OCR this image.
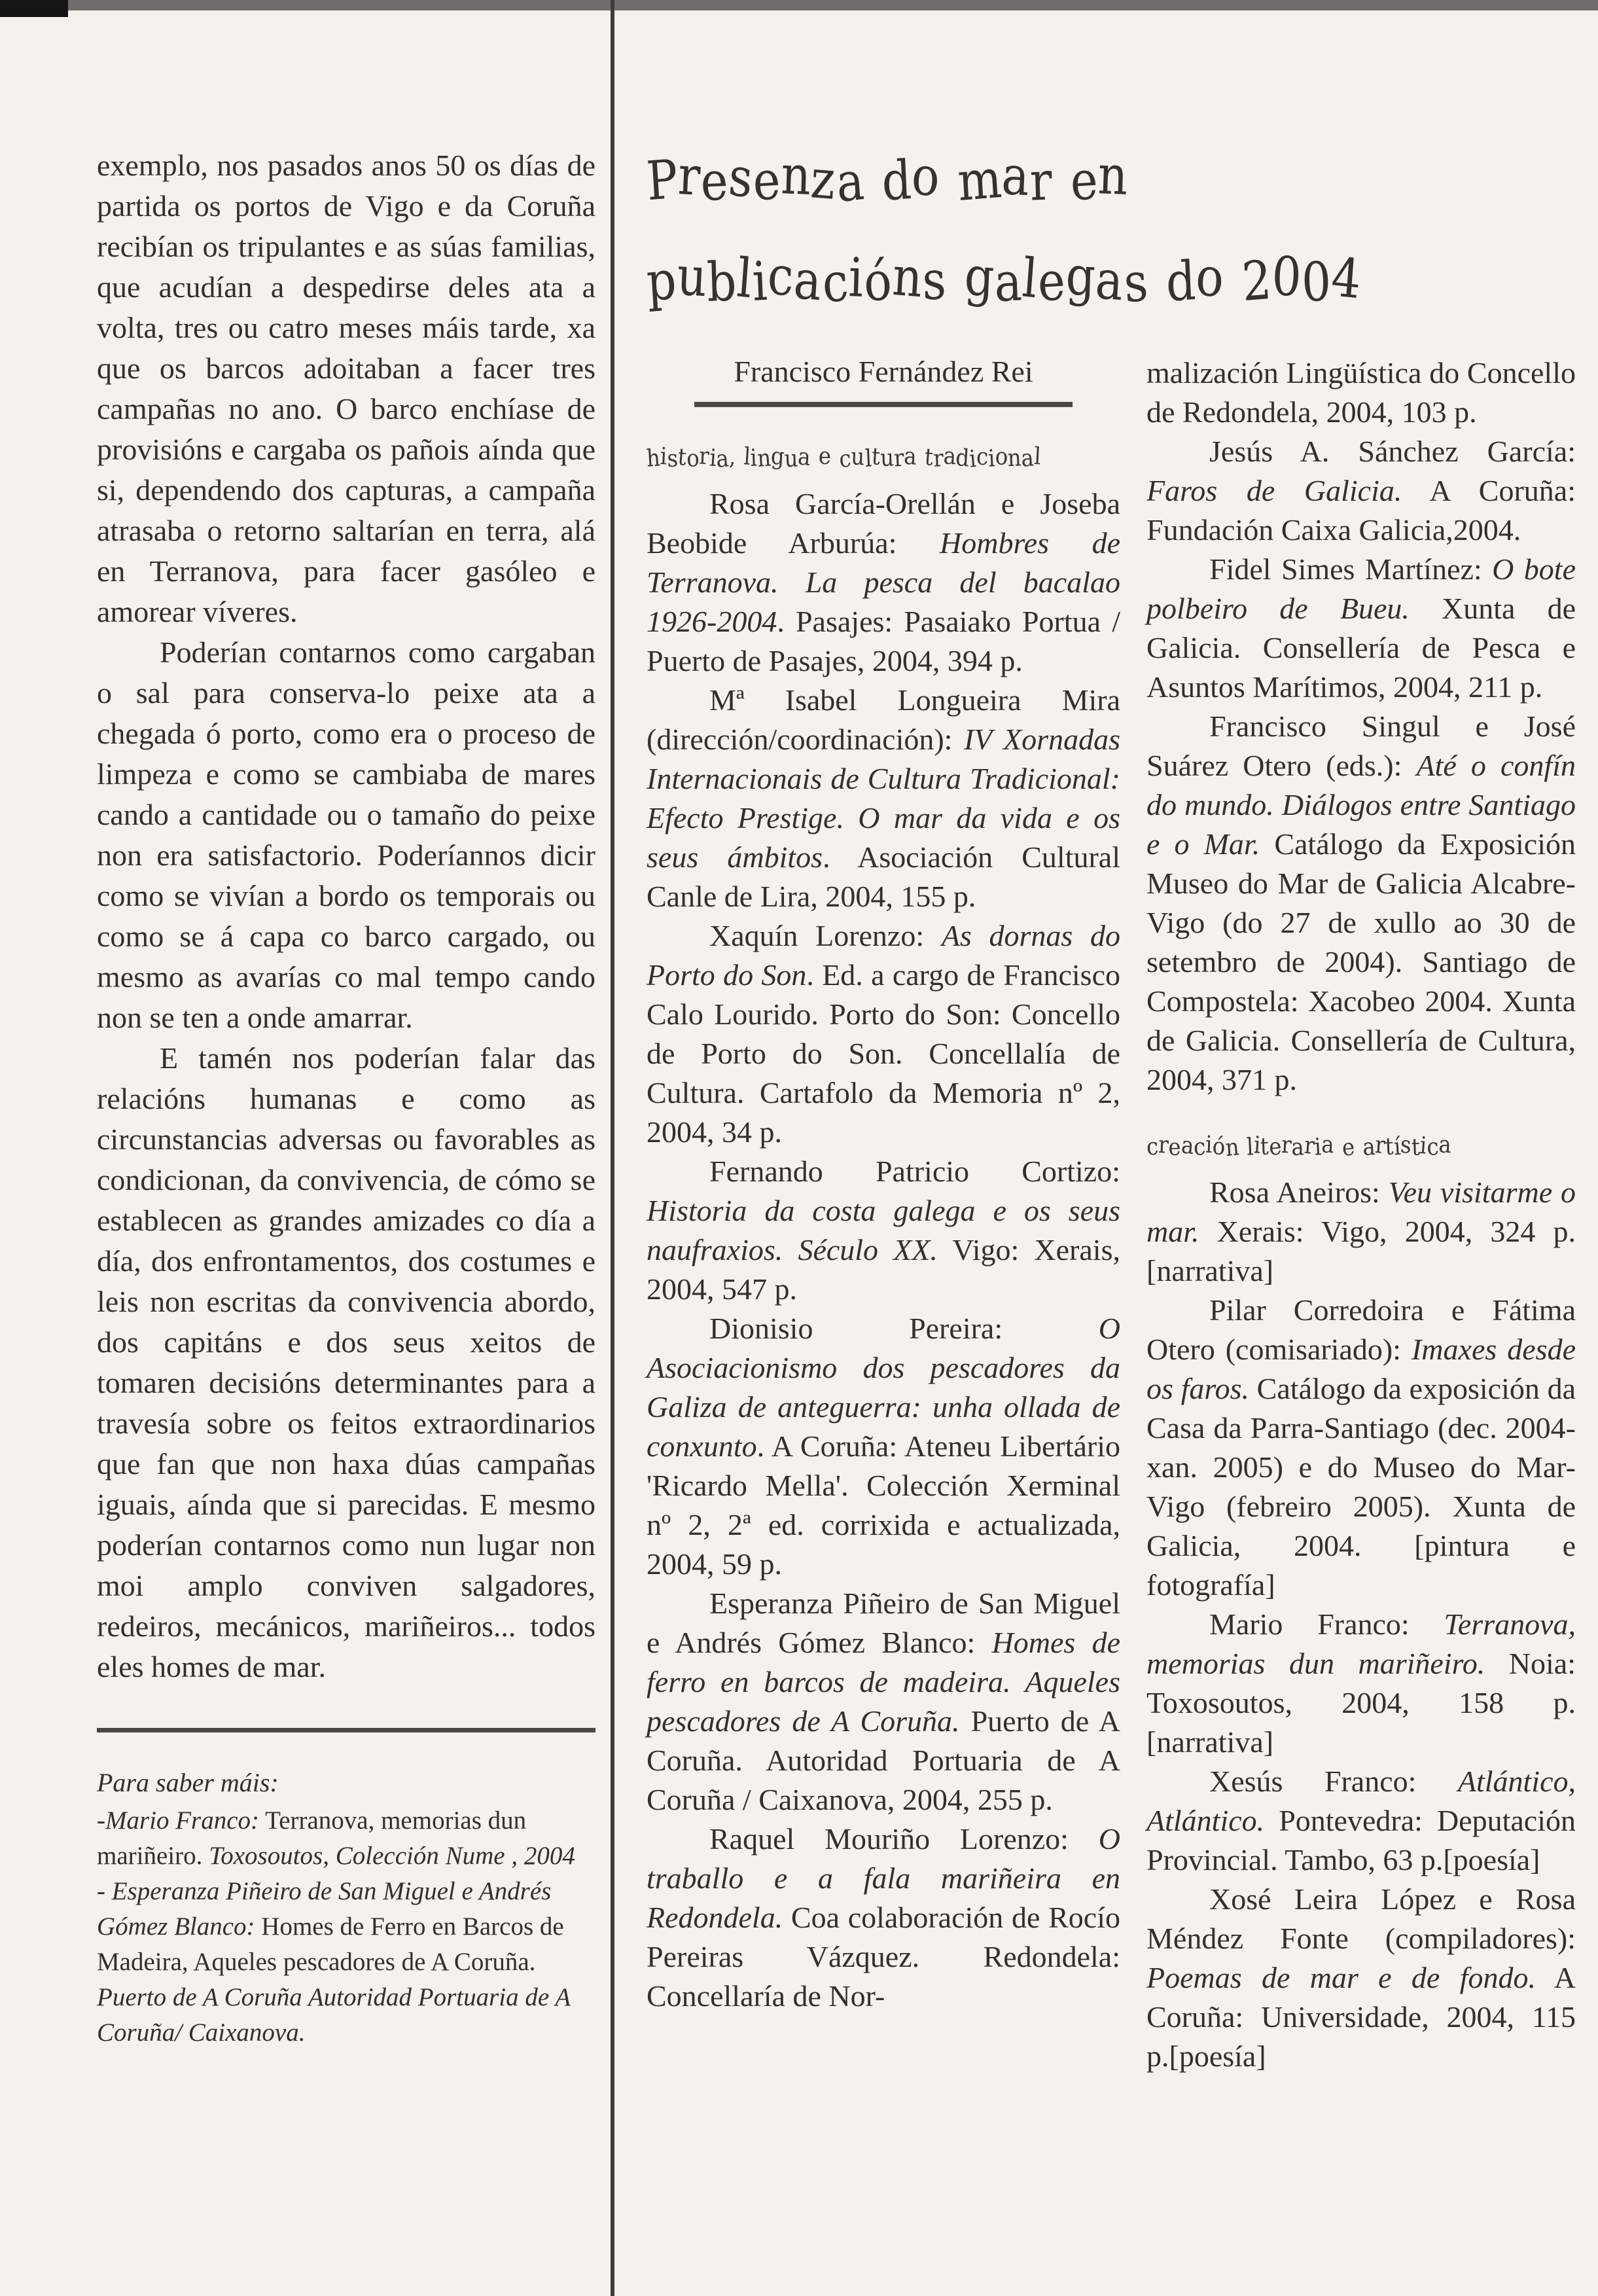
exemplo, nos pasados anos 50 os días de partida os portos de Vigo e da Coruña recibían os tripulantes e as súas familias, que acudían a despedirse deles ata a volta, tres ou catro meses máis tarde, xa que os barcos adoitaban a facer tres campañas no ano. O barco enchíase de provisións e cargaba os pañois aínda que si, dependendo dos capturas, a campaña atrasaba o retorno saltarían en terra, alá en Terranova, para facer gasóleo e amorear víveres.

Poderían contarnos como cargaban o sal para conserva-lo peixe ata a chegada ó porto, como era o proceso de limpeza e como se cambiaba de mares cando a cantidade ou o tamaño do peixe non era satisfactorio. Poderíannos dicir como se vivían a bordo os temporais ou como se á capa co barco cargado, ou mesmo as avarías co mal tempo cando non se ten a onde amarrar.

E tamén nos poderían falar das relacións humanas e como as circunstancias adversas ou favorables as condicionan, da convivencia, de cómo se establecen as grandes amizades co día a día, dos enfrontamentos, dos costumes e leis non escritas da convivencia abordo, dos capitáns e dos seus xeitos de tomaren decisións determinantes para a travesía sobre os feitos extraordinarios que fan que non haxa dúas campañas iguais, aínda que si parecidas. E mesmo poderían contarnos como nun lugar non moi amplo conviven salgadores, redeiros, mecánicos, mariñeiros... todos eles homes de mar.

Para saber máis:

-Mario Franco: Terranova, memorias dun mariñeiro. Toxosoutos, Colección Nume , 2004

- Esperanza Piñeiro de San Miguel e Andrés Gómez Blanco: Homes de Ferro en Barcos de Madeira, Aqueles pescadores de A Coruña. Puerto de A Coruña Autoridad Portuaria de A Coruña/ Caixanova.

Presenza do mar en
publicacións galegas do 2004

Francisco Fernández Rei

historia, lingua e cultura tradicional

Rosa García-Orellán e Joseba Beobide Arburúa: Hombres de Terranova. La pesca del bacalao 1926-2004. Pasajes: Pasaiako Portua / Puerto de Pasajes, 2004, 394 p.

Mª Isabel Longueira Mira (dirección/coordinación): IV Xornadas Internacionais de Cultura Tradicional: Efecto Prestige. O mar da vida e os seus ámbitos. Asociación Cultural Canle de Lira, 2004, 155 p.

Xaquín Lorenzo: As dornas do Porto do Son. Ed. a cargo de Francisco Calo Lourido. Porto do Son: Concello de Porto do Son. Concellalía de Cultura. Cartafolo da Memoria nº 2, 2004, 34 p.

Fernando Patricio Cortizo: Historia da costa galega e os seus naufraxios. Século XX. Vigo: Xerais, 2004, 547 p.

Dionisio Pereira: O Asociacionismo dos pescadores da Galiza de anteguerra: unha ollada de conxunto. A Coruña: Ateneu Libertário 'Ricardo Mella'. Colección Xerminal nº 2, 2ª ed. corrixida e actualizada, 2004, 59 p.

Esperanza Piñeiro de San Miguel e Andrés Gómez Blanco: Homes de ferro en barcos de madeira. Aqueles pescadores de A Coruña. Puerto de A Coruña. Autoridad Portuaria de A Coruña / Caixanova, 2004, 255 p.

Raquel Mouriño Lorenzo: O traballo e a fala mariñeira en Redondela. Coa colaboración de Rocío Pereiras Vázquez. Redondela: Concellaría de Nor-

malización Lingüística do Concello de Redondela, 2004, 103 p.

Jesús A. Sánchez García: Faros de Galicia. A Coruña: Fundación Caixa Galicia,2004.

Fidel Simes Martínez: O bote polbeiro de Bueu. Xunta de Galicia. Consellería de Pesca e Asuntos Marítimos, 2004, 211 p.

Francisco Singul e José Suárez Otero (eds.): Até o confín do mundo. Diálogos entre Santiago e o Mar. Catálogo da Exposición Museo do Mar de Galicia Alcabre-Vigo (do 27 de xullo ao 30 de setembro de 2004). Santiago de Compostela: Xacobeo 2004. Xunta de Galicia. Consellería de Cultura, 2004, 371 p.

creación literaria e artística

Rosa Aneiros: Veu visitarme o mar. Xerais: Vigo, 2004, 324 p. [narrativa]

Pilar Corredoira e Fátima Otero (comisariado): Imaxes desde os faros. Catálogo da exposición da Casa da Parra-Santiago (dec. 2004-xan. 2005) e do Museo do Mar-Vigo (febreiro 2005). Xunta de Galicia, 2004. [pintura e fotografía]

Mario Franco: Terranova, memorias dun mariñeiro. Noia: Toxosoutos, 2004, 158 p. [narrativa]

Xesús Franco: Atlántico, Atlántico. Pontevedra: Deputación Provincial. Tambo, 63 p.[poesía]

Xosé Leira López e Rosa Méndez Fonte (compiladores): Poemas de mar e de fondo. A Coruña: Universidade, 2004, 115 p.[poesía]
